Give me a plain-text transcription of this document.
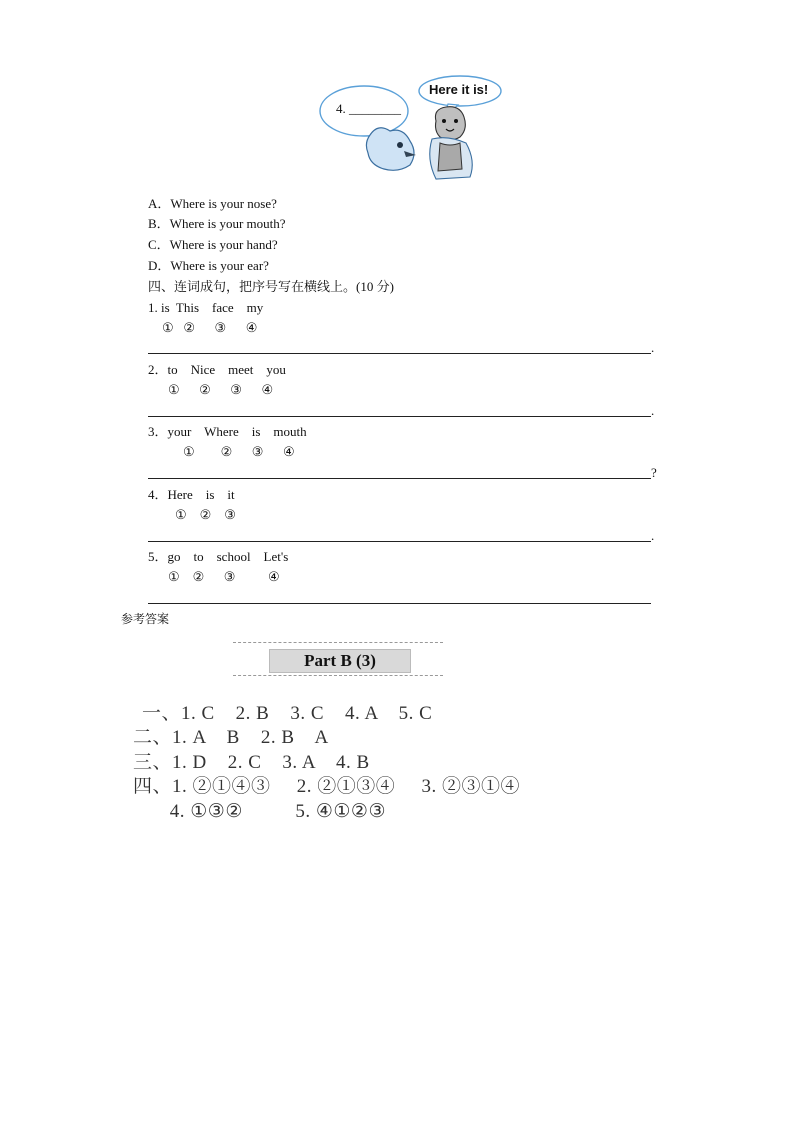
4. ________
Here it is!
A．Where is your nose?
B．Where is your mouth?
C．Where is your hand?
D．Where is your ear?
四、连词成句，把序号写在横线上。(10 分)
1. is  This    face    my
①   ②      ③      ④
.
2．to    Nice    meet    you
①      ②      ③      ④
.
3．your    Where    is    mouth
①        ②      ③      ④
?
4．Here    is    it
①    ②    ③
.
5．go    to    school    Let's
①    ②      ③          ④
参考答案
Part B (3)
一、1. C    2. B    3. C    4. A    5. C
二、1. A    B    2. B    A
三、1. D    2. C    3. A    4. B
四、1. ②①④③     2. ②①③④     3. ②③①④
4. ①③②          5. ④①②③
